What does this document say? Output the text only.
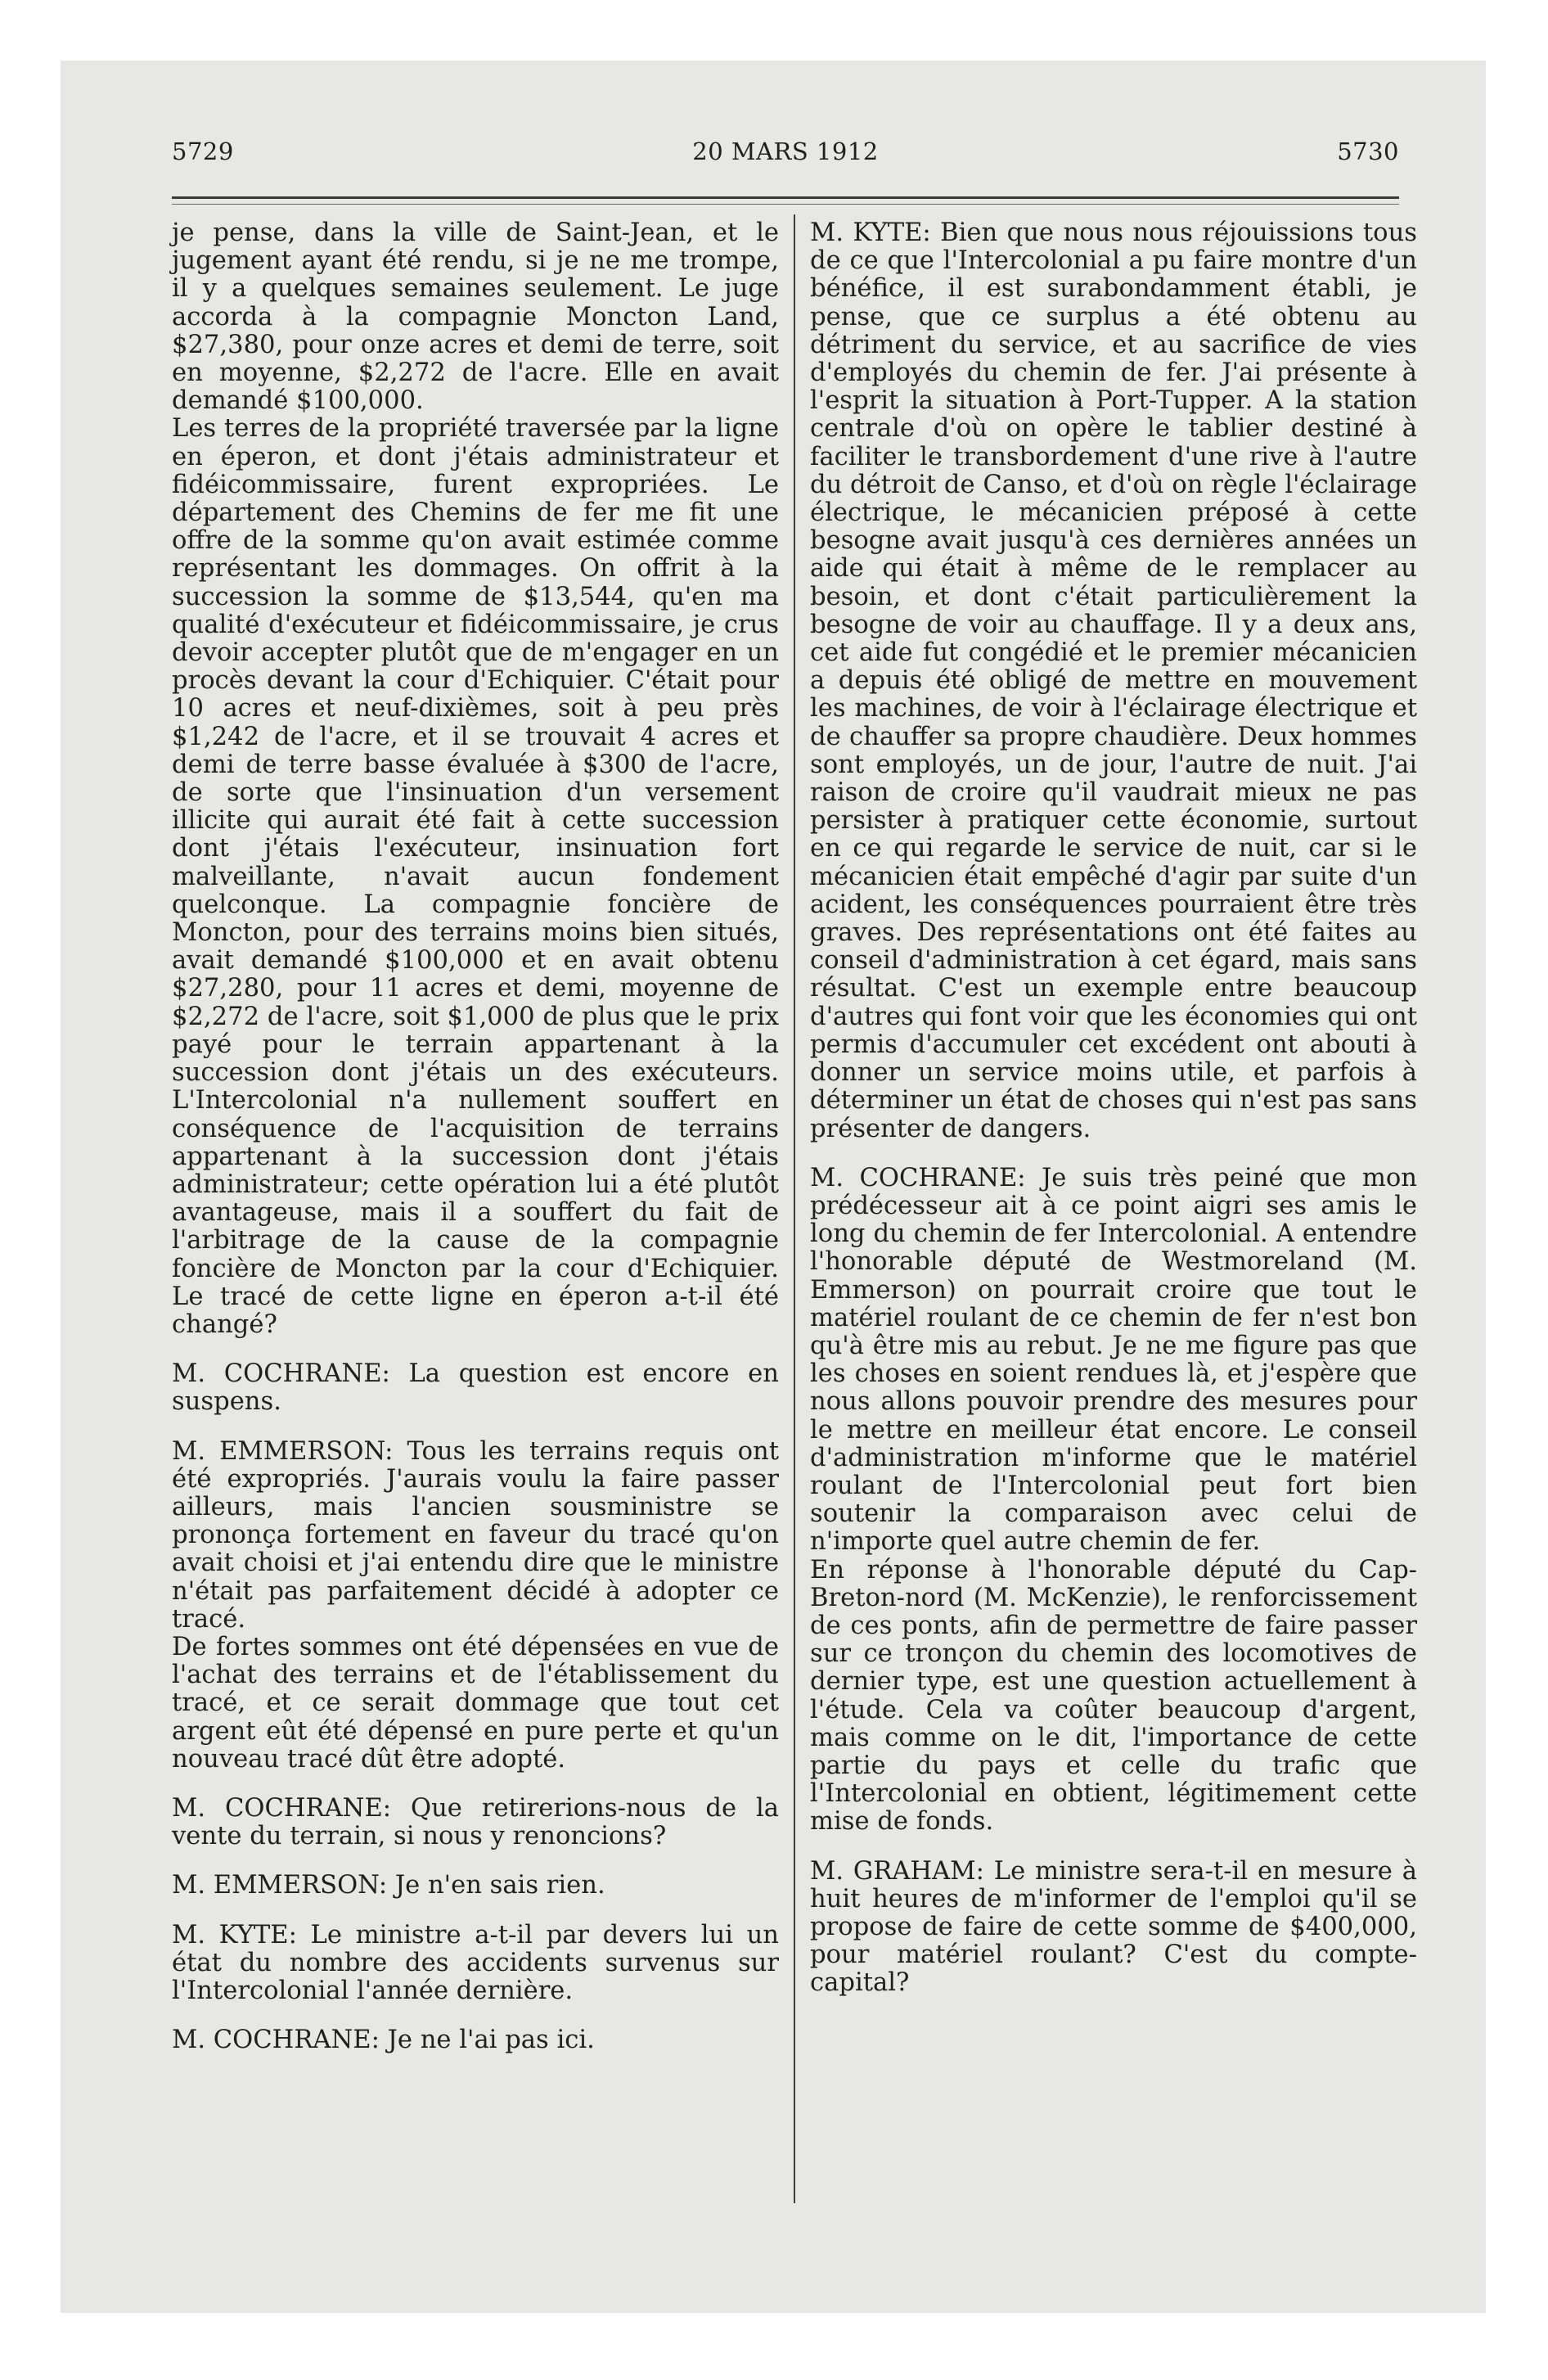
5729	20 MARS 1912	5730

je pense, dans la ville de Saint-Jean, et le jugement ayant été rendu, si je ne me trompe, il y a quelques semaines seulement. Le juge accorda à la compagnie Moncton Land, $27,380, pour onze acres et demi de terre, soit en moyenne, $2,272 de l'acre. Elle en avait demandé $100,000.

Les terres de la propriété traversée par la ligne en éperon, et dont j'étais administrateur et fidéicommissaire, furent expropriées. Le département des Chemins de fer me fit une offre de la somme qu'on avait estimée comme représentant les dommages. On offrit à la succession la somme de $13,544, qu'en ma qualité d'exécuteur et fidéicommissaire, je crus devoir accepter plutôt que de m'engager en un procès devant la cour d'Echiquier. C'était pour 10 acres et neuf-dixièmes, soit à peu près $1,242 de l'acre, et il se trouvait 4 acres et demi de terre basse évaluée à $300 de l'acre, de sorte que l'insinuation d'un versement illicite qui aurait été fait à cette succession dont j'étais l'exécuteur, insinuation fort malveillante, n'avait aucun fondement quelconque. La compagnie foncière de Moncton, pour des terrains moins bien situés, avait demandé $100,000 et en avait obtenu $27,280, pour 11 acres et demi, moyenne de $2,272 de l'acre, soit $1,000 de plus que le prix payé pour le terrain appartenant à la succession dont j'étais un des exécuteurs. L'Intercolonial n'a nullement souffert en conséquence de l'acquisition de terrains appartenant à la succession dont j'étais administrateur; cette opération lui a été plutôt avantageuse, mais il a souffert du fait de l'arbitrage de la cause de la compagnie foncière de Moncton par la cour d'Echiquier. Le tracé de cette ligne en éperon a-t-il été changé?

M. COCHRANE: La question est encore en suspens.

M. EMMERSON: Tous les terrains requis ont été expropriés. J'aurais voulu la faire passer ailleurs, mais l'ancien sousministre se prononça fortement en faveur du tracé qu'on avait choisi et j'ai entendu dire que le ministre n'était pas parfaitement décidé à adopter ce tracé.

De fortes sommes ont été dépensées en vue de l'achat des terrains et de l'établissement du tracé, et ce serait dommage que tout cet argent eût été dépensé en pure perte et qu'un nouveau tracé dût être adopté.

M. COCHRANE: Que retirerions-nous de la vente du terrain, si nous y renoncions?

M. EMMERSON: Je n'en sais rien.

M. KYTE: Le ministre a-t-il par devers lui un état du nombre des accidents survenus sur l'Intercolonial l'année dernière.

M. COCHRANE: Je ne l'ai pas ici.

M. KYTE: Bien que nous nous réjouissions tous de ce que l'Intercolonial a pu faire montre d'un bénéfice, il est surabondamment établi, je pense, que ce surplus a été obtenu au détriment du service, et au sacrifice de vies d'employés du chemin de fer. J'ai présente à l'esprit la situation à Port-Tupper. A la station centrale d'où on opère le tablier destiné à faciliter le transbordement d'une rive à l'autre du détroit de Canso, et d'où on règle l'éclairage électrique, le mécanicien préposé à cette besogne avait jusqu'à ces dernières années un aide qui était à même de le remplacer au besoin, et dont c'était particulièrement la besogne de voir au chauffage. Il y a deux ans, cet aide fut congédié et le premier mécanicien a depuis été obligé de mettre en mouvement les machines, de voir à l'éclairage électrique et de chauffer sa propre chaudière. Deux hommes sont employés, un de jour, l'autre de nuit. J'ai raison de croire qu'il vaudrait mieux ne pas persister à pratiquer cette économie, surtout en ce qui regarde le service de nuit, car si le mécanicien était empêché d'agir par suite d'un acident, les conséquences pourraient être très graves. Des représentations ont été faites au conseil d'administration à cet égard, mais sans résultat. C'est un exemple entre beaucoup d'autres qui font voir que les économies qui ont permis d'accumuler cet excédent ont abouti à donner un service moins utile, et parfois à déterminer un état de choses qui n'est pas sans présenter de dangers.

M. COCHRANE: Je suis très peiné que mon prédécesseur ait à ce point aigri ses amis le long du chemin de fer Intercolonial. A entendre l'honorable député de Westmoreland (M. Emmerson) on pourrait croire que tout le matériel roulant de ce chemin de fer n'est bon qu'à être mis au rebut. Je ne me figure pas que les choses en soient rendues là, et j'espère que nous allons pouvoir prendre des mesures pour le mettre en meilleur état encore. Le conseil d'administration m'informe que le matériel roulant de l'Intercolonial peut fort bien soutenir la comparaison avec celui de n'importe quel autre chemin de fer.

En réponse à l'honorable député du Cap-Breton-nord (M. McKenzie), le renforcissement de ces ponts, afin de permettre de faire passer sur ce tronçon du chemin des locomotives de dernier type, est une question actuellement à l'étude. Cela va coûter beaucoup d'argent, mais comme on le dit, l'importance de cette partie du pays et celle du trafic que l'Intercolonial en obtient, légitimement cette mise de fonds.

M. GRAHAM: Le ministre sera-t-il en mesure à huit heures de m'informer de l'emploi qu'il se propose de faire de cette somme de $400,000, pour matériel roulant? C'est du compte-capital?
